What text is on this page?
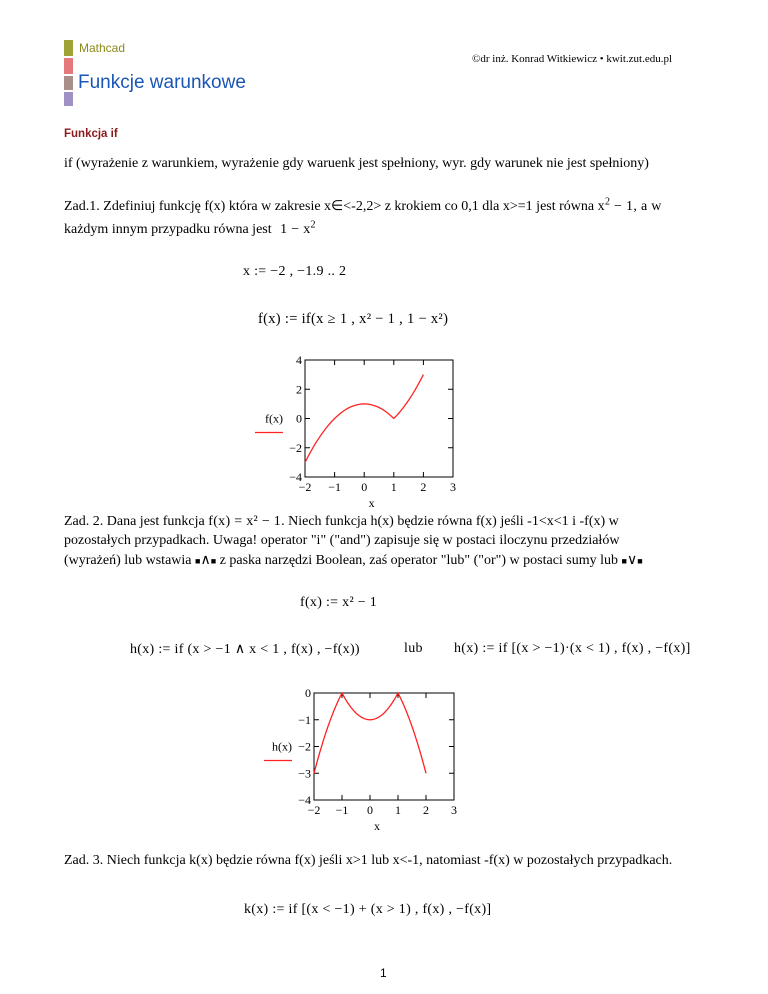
Mathcad
©dr inż. Konrad Witkiewicz • kwit.zut.edu.pl
Funkcje warunkowe
Funkcja if
if (wyrażenie z warunkiem, wyrażenie gdy waruenk jest spełniony, wyr. gdy warunek nie jest spełniony)
Zad.1. Zdefiniuj funkcję f(x) która w zakresie x∈<-2,2> z krokiem co 0,1 dla x>=1 jest równa $x^2 - 1$, a w
każdym innym przypadku równa jest $1 - x^2$
x := −2 , −1.9 .. 2
f(x) := if(x ≥ 1 , x² − 1 , 1 − x²)
−2 −1 0 1 2 3
4
2
0
−2
−4
x
f(x)
Zad. 2. Dana jest funkcja f(x) = x² − 1. Niech funkcja h(x) będzie równa f(x) jeśli -1<x<1 i -f(x) w
pozostałych przypadkach. Uwaga! operator "i" ("and") zapisuje się w postaci iloczynu przedziałów
(wyrażeń) lub wstawia ■∧■ z paska narzędzi Boolean, zaś operator "lub" ("or") w postaci sumy lub ■∨■
f(x) := x² − 1
h(x) := if (x > −1 ∧ x < 1 , f(x) , −f(x))	lub h(x) := if [(x > −1)·(x < 1) , f(x) , −f(x)]
−2 −1 0 1 2 3
0
−1
−2
−3
−4
x
h(x)
Zad. 3. Niech funkcja k(x) będzie równa f(x) jeśli x>1 lub x<-1, natomiast -f(x) w pozostałych przypadkach.
k(x) := if [(x < −1) + (x > 1) , f(x) , −f(x)]
1
